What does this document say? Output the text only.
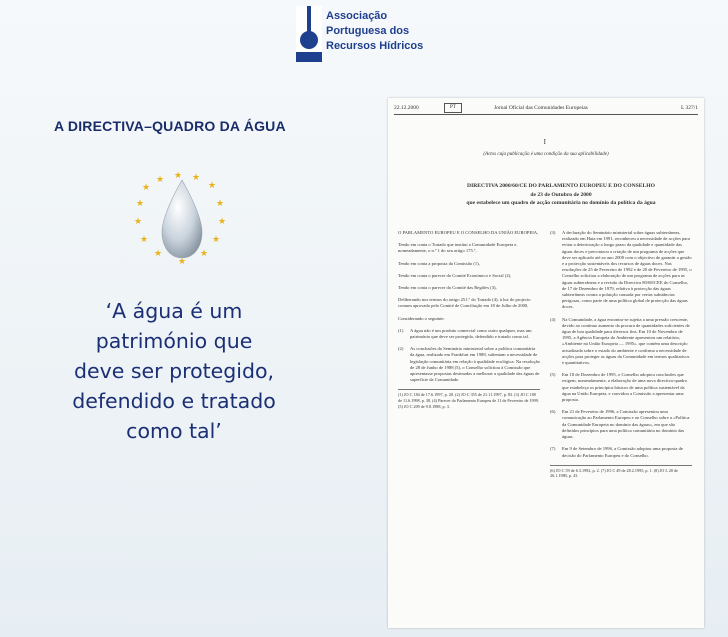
Associação
Portuguesa dos
Recursos Hídricos
A DIRECTIVA–QUADRO DA ÁGUA
★
★ ★ ★
★
★
★
★
★
★
★
★
★
★
‘A água é um
património que
deve ser protegido,
defendido e tratado
como tal’
22.12.2000	PT	Jornal Oficial das Comunidades Europeias	L 327/1
I
(Actos cuja publicação é uma condição da sua aplicabilidade)
DIRECTIVA 2000/60/CE DO PARLAMENTO EUROPEU E DO CONSELHO
de 23 de Outubro de 2000
que estabelece um quadro de acção comunitária no domínio da política da água
O PARLAMENTO EUROPEU E O CONSELHO DA UNIÃO EUROPEIA,
Tendo em conta o Tratado que institui a Comunidade Europeia e, nomeadamente, o n.º 1 do seu artigo 175.º,
Tendo em conta a proposta da Comissão (1),
Tendo em conta o parecer do Comité Económico e Social (2),
Tendo em conta o parecer do Comité das Regiões (3),
Deliberando nos termos do artigo 251.º do Tratado (4), à luz do projecto comum aprovado pelo Comité de Conciliação em 18 de Julho de 2000,
Considerando o seguinte:
(1) A água não é um produto comercial como outro qualquer, mas um património que deve ser protegido, defendido e tratado como tal.
(2) As conclusões do Seminário ministerial sobre a política comunitária da água, realizado em Frankfurt em 1988, salientam a necessidade de legislação comunitária em relação à qualidade ecológica. Na resolução de 28 de Junho de 1988 (5), o Conselho solicitou à Comissão que apresentasse propostas destinadas a melhorar a qualidade das águas de superfície da Comunidade.
(1) JO C 184 de 17.6.1997, p. 20. (2) JO C 355 de 21.11.1997, p. 83. (3) JO C 180 de 11.6.1998, p. 38. (4) Parecer do Parlamento Europeu de 11 de Fevereiro de 1999. (5) JO C 209 de 9.8.1988, p. 3.
(3) A declaração do Seminário ministerial sobre águas subterrâneas, realizado em Haia em 1991, reconheceu a necessidade de acções para evitar a deterioração a longo prazo da qualidade e quantidade das águas doces e preconizou a criação de um programa de acções que deve ser aplicado até ao ano 2000 com o objectivo de garantir a gestão e a protecção sustentáveis dos recursos de águas doces. Nas resoluções de 25 de Fevereiro de 1992 e de 20 de Fevereiro de 1995, o Conselho solicitou a elaboração de um programa de acções para as águas subterrâneas e a revisão da Directiva 80/68/CEE do Conselho, de 17 de Dezembro de 1979, relativa à protecção das águas subterrâneas contra a poluição causada por certas substâncias perigosas, como parte de uma política global de protecção das águas doces.
(4) Na Comunidade, a água encontra-se sujeita a uma pressão crescente, devido ao contínuo aumento da procura de quantidades suficientes de água de boa qualidade para diversos fins. Em 10 de Novembro de 1995, a Agência Europeia do Ambiente apresentou um relatório, «Ambiente na União Europeia — 1995», que contém uma descrição actualizada sobre o estado do ambiente e confirma a necessidade de acções para proteger as águas da Comunidade em termos qualitativos e quantitativos.
(5) Em 18 de Dezembro de 1995, o Conselho adoptou conclusões que exigem, nomeadamente, a elaboração de uma nova directiva-quadro que estabeleça os princípios básicos de uma política sustentável da água na União Europeia, e convidou a Comissão a apresentar uma proposta.
(6) Em 21 de Fevereiro de 1996, a Comissão apresentou uma comunicação ao Parlamento Europeu e ao Conselho sobre a «Política da Comunidade Europeia no domínio das águas», em que são definidos princípios para uma política comunitária no domínio das águas.
(7) Em 9 de Setembro de 1996, a Comissão adoptou uma proposta de decisão do Parlamento Europeu e do Conselho.
(6) JO C 59 de 6.3.1992, p. 2. (7) JO C 49 de 28.2.1995, p. 1. (8) JO L 20 de 26.1.1980, p. 43.
